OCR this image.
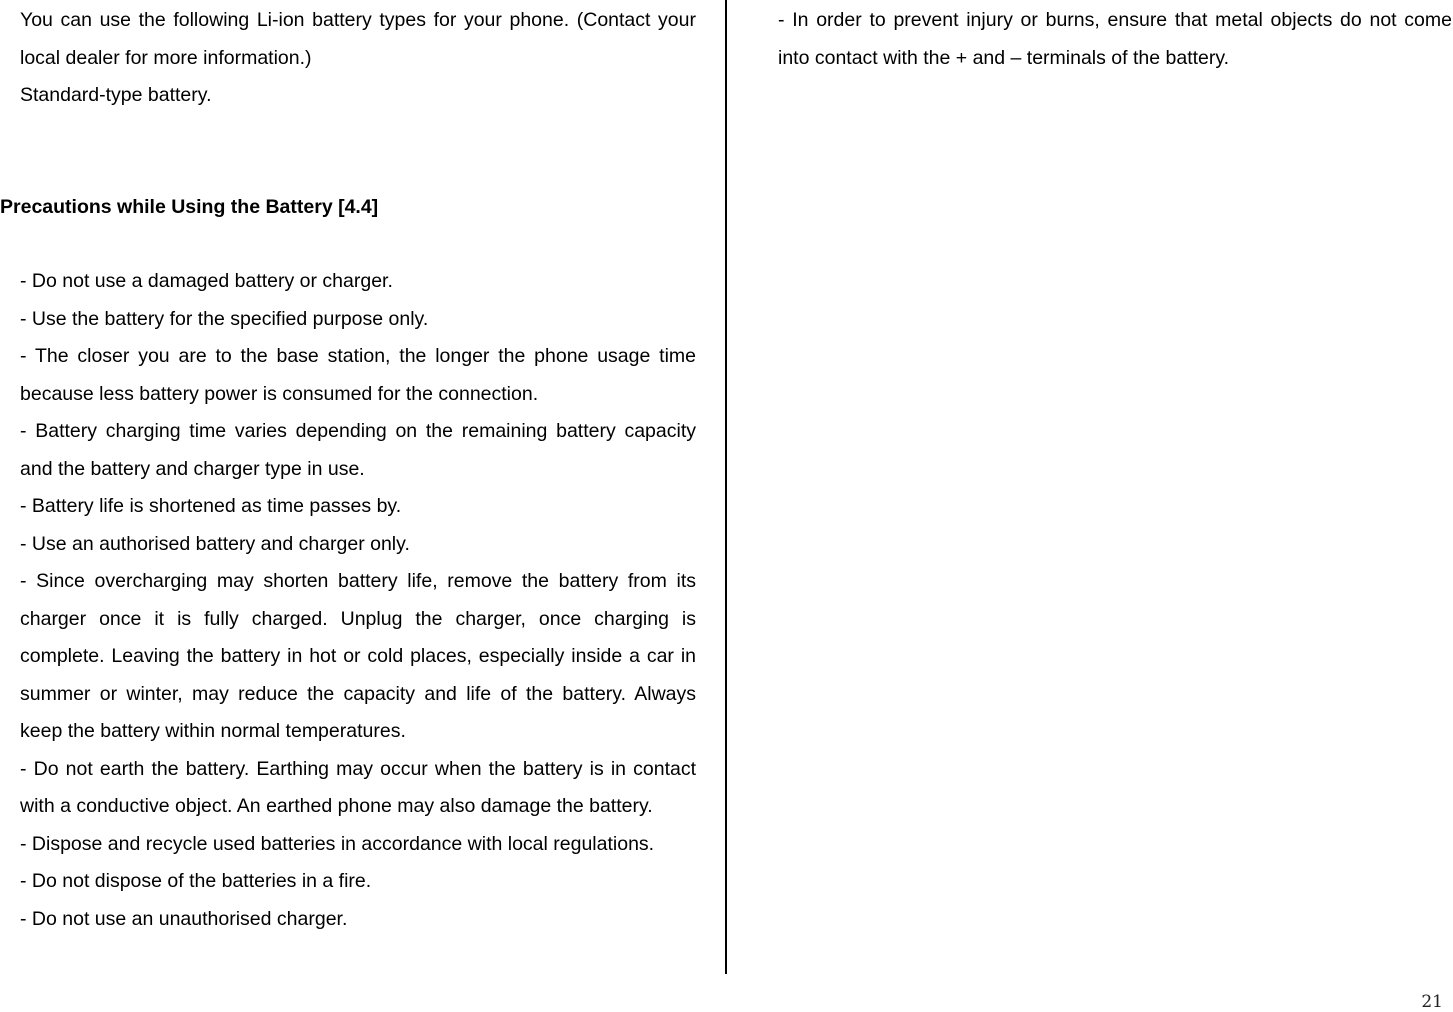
You can use the following Li-ion battery types for your phone. (Contact your local dealer for more information.)

Standard-type battery.

Precautions while Using the Battery [4.4]

- Do not use a damaged battery or charger.

- Use the battery for the specified purpose only.

- The closer you are to the base station, the longer the phone usage time because less battery power is consumed for the connection.

- Battery charging time varies depending on the remaining battery capacity and the battery and charger type in use.

- Battery life is shortened as time passes by.

- Use an authorised battery and charger only.

- Since overcharging may shorten battery life, remove the battery from its charger once it is fully charged. Unplug the charger, once charging is complete. Leaving the battery in hot or cold places, especially inside a car in summer or winter, may reduce the capacity and life of the battery. Always keep the battery within normal temperatures.

- Do not earth the battery. Earthing may occur when the battery is in contact with a conductive object. An earthed phone may also damage the battery.

- Dispose and recycle used batteries in accordance with local regulations.

- Do not dispose of the batteries in a fire.

- Do not use an unauthorised charger.

- In order to prevent injury or burns, ensure that metal objects do not come into contact with the + and – terminals of the battery.

21
